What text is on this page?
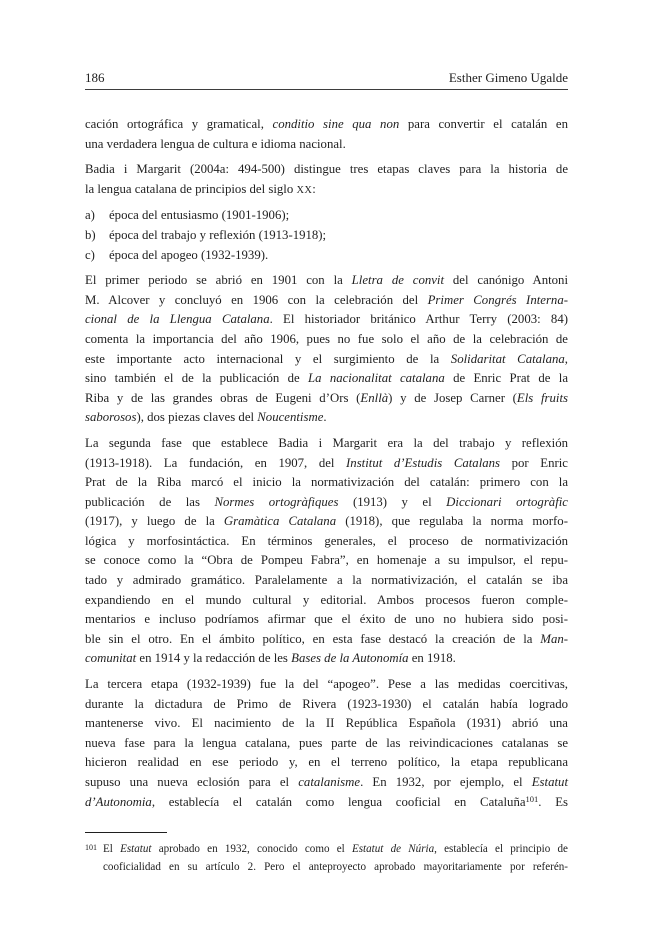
186	Esther Gimeno Ugalde
cación ortográfica y gramatical, conditio sine qua non para convertir el catalán en
una verdadera lengua de cultura e idioma nacional.
Badia i Margarit (2004a: 494-500) distingue tres etapas claves para la historia de
la lengua catalana de principios del siglo XX:
a) época del entusiasmo (1901-1906);
b) época del trabajo y reflexión (1913-1918);
c) época del apogeo (1932-1939).
El primer periodo se abrió en 1901 con la Lletra de convit del canónigo Antoni
M. Alcover y concluyó en 1906 con la celebración del Primer Congrés Interna-
cional de la Llengua Catalana. El historiador británico Arthur Terry (2003: 84)
comenta la importancia del año 1906, pues no fue solo el año de la celebración de
este importante acto internacional y el surgimiento de la Solidaritat Catalana,
sino también el de la publicación de La nacionalitat catalana de Enric Prat de la
Riba y de las grandes obras de Eugeni d’Ors (Enllà) y de Josep Carner (Els fruits
saborosos), dos piezas claves del Noucentisme.
La segunda fase que establece Badia i Margarit era la del trabajo y reflexión
(1913-1918). La fundación, en 1907, del Institut d’Estudis Catalans por Enric
Prat de la Riba marcó el inicio la normativización del catalán: primero con la
publicación de las Normes ortogràfiques (1913) y el Diccionari ortogràfic
(1917), y luego de la Gramàtica Catalana (1918), que regulaba la norma morfo-
lógica y morfosintáctica. En términos generales, el proceso de normativización
se conoce como la “Obra de Pompeu Fabra”, en homenaje a su impulsor, el repu-
tado y admirado gramático. Paralelamente a la normativización, el catalán se iba
expandiendo en el mundo cultural y editorial. Ambos procesos fueron comple-
mentarios e incluso podríamos afirmar que el éxito de uno no hubiera sido posi-
ble sin el otro. En el ámbito político, en esta fase destacó la creación de la Man-
comunitat en 1914 y la redacción de les Bases de la Autonomía en 1918.
La tercera etapa (1932-1939) fue la del “apogeo”. Pese a las medidas coercitivas,
durante la dictadura de Primo de Rivera (1923-1930) el catalán había logrado
mantenerse vivo. El nacimiento de la II República Española (1931) abrió una
nueva fase para la lengua catalana, pues parte de las reivindicaciones catalanas se
hicieron realidad en ese periodo y, en el terreno político, la etapa republicana
supuso una nueva eclosión para el catalanisme. En 1932, por ejemplo, el Estatut
d’Autonomia, establecía el catalán como lengua cooficial en Cataluña$^{101}$. Es
101 El Estatut aprobado en 1932, conocido como el Estatut de Núria, establecía el principio de
cooficialidad en su artículo 2. Pero el anteproyecto aprobado mayoritariamente por referén-
